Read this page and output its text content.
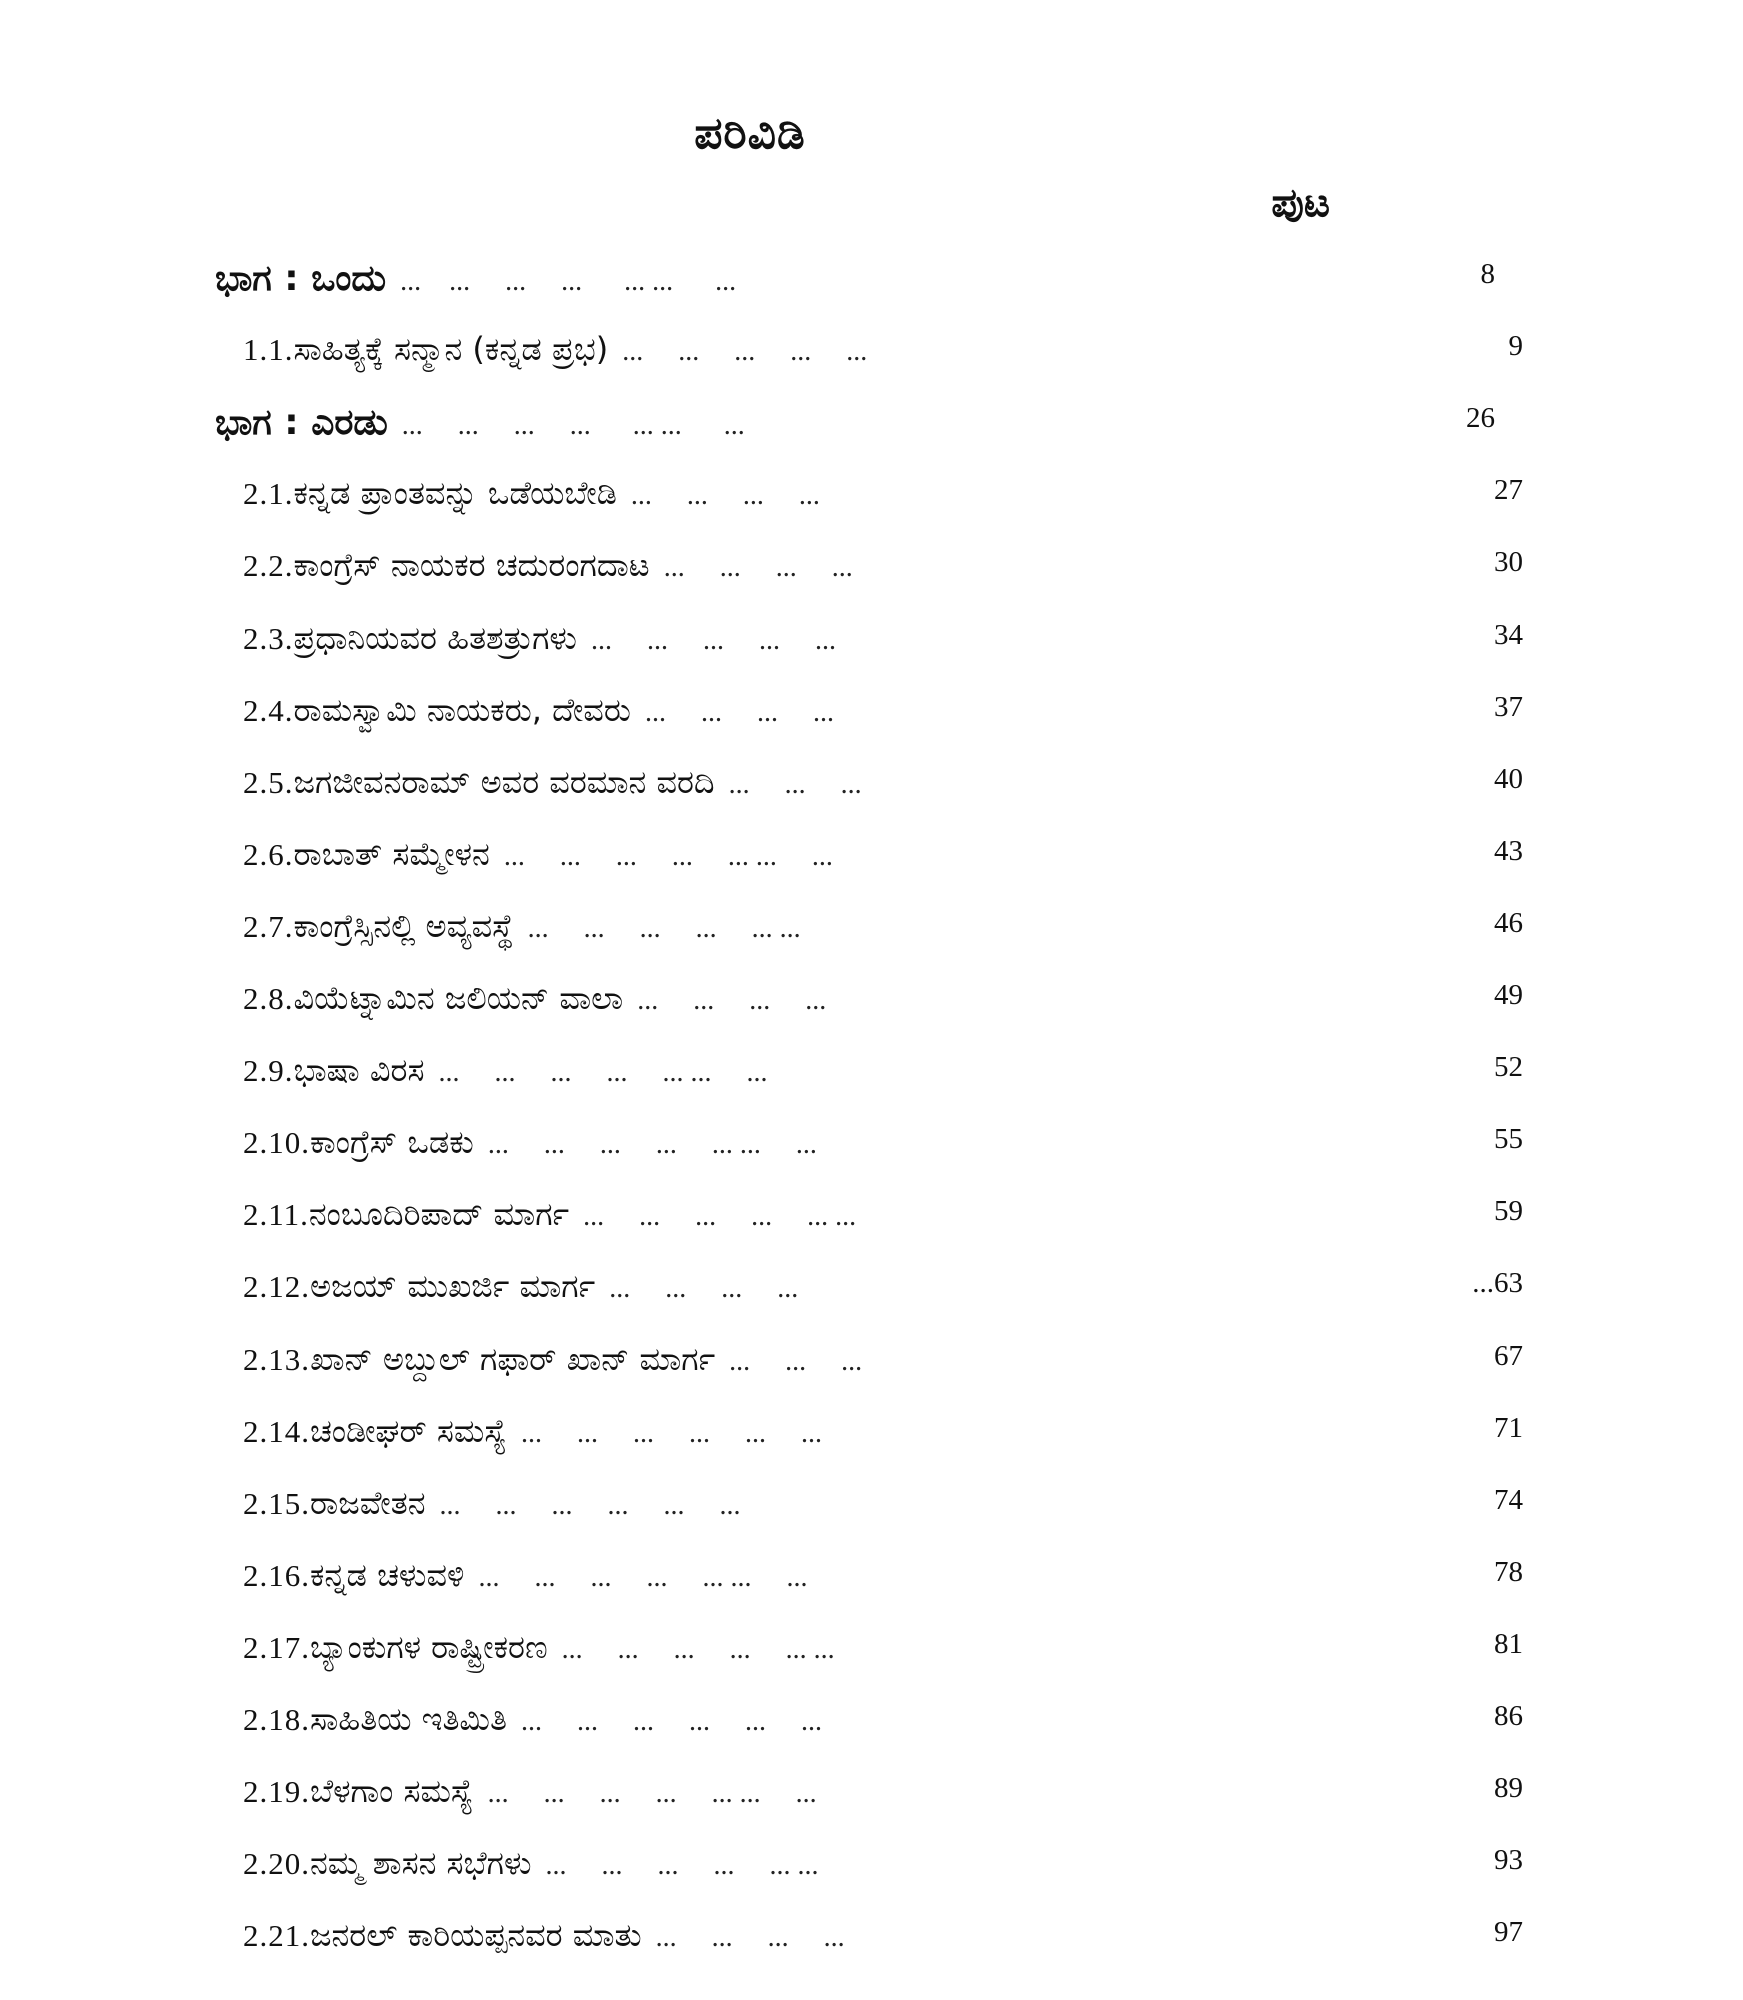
ಪರಿವಿಡಿ
ಪುಟ
ಭಾಗ : ಒಂದು ...    ...     ...     ...      ... ...      ...	8
1.1. ಸಾಹಿತ್ಯಕ್ಕೆ ಸನ್ಮಾನ (ಕನ್ನಡ ಪ್ರಭ) ...     ...     ...     ...     ...	9
ಭಾಗ : ಎರಡು ...     ...     ...     ...      ... ...      ...	26
2.1. ಕನ್ನಡ ಪ್ರಾಂತವನ್ನು ಒಡೆಯಬೇಡಿ ...     ...     ...     ...	27
2.2. ಕಾಂಗ್ರೆಸ್ ನಾಯಕರ ಚದುರಂಗದಾಟ ...     ...     ...     ...	30
2.3. ಪ್ರಧಾನಿಯವರ ಹಿತಶತ್ರುಗಳು ...     ...     ...     ...     ...	34
2.4. ರಾಮಸ್ವಾಮಿ ನಾಯಕರು, ದೇವರು ...     ...     ...     ...	37
2.5. ಜಗಜೀವನರಾಮ್ ಅವರ ವರಮಾನ ವರದಿ ...     ...     ...	40
2.6. ರಾಬಾತ್ ಸಮ್ಮೇಳನ ...     ...     ...     ...     ... ...     ...	43
2.7. ಕಾಂಗ್ರೆಸ್ಸಿನಲ್ಲಿ ಅವ್ಯವಸ್ಥೆ ...     ...     ...     ...     ... ...	46
2.8. ವಿಯೆಟ್ನಾಮಿನ ಜಲಿಯನ್ ವಾಲಾ ...     ...     ...     ...	49
2.9. ಭಾಷಾ ವಿರಸ ...     ...     ...     ...     ... ...     ...	52
2.10. ಕಾಂಗ್ರೆಸ್ ಒಡಕು ...     ...     ...     ...     ... ...     ...	55
2.11. ನಂಬೂದಿರಿಪಾದ್ ಮಾರ್ಗ ...     ...     ...     ...     ... ...	59
2.12. ಅಜಯ್ ಮುಖರ್ಜಿ ಮಾರ್ಗ ...     ...     ...     ...	...63
2.13. ಖಾನ್ ಅಬ್ದುಲ್ ಗಫಾರ್ ಖಾನ್ ಮಾರ್ಗ ...     ...     ...	67
2.14. ಚಂಡೀಘರ್ ಸಮಸ್ಯೆ ...     ...     ...     ...     ...     ...	71
2.15. ರಾಜವೇತನ ...     ...     ...     ...     ...     ...	74
2.16. ಕನ್ನಡ ಚಳುವಳಿ ...     ...     ...     ...     ... ...     ...	78
2.17. ಬ್ಯಾಂಕುಗಳ ರಾಷ್ಟ್ರೀಕರಣ ...     ...     ...     ...     ... ...	81
2.18. ಸಾಹಿತಿಯ ಇತಿಮಿತಿ ...     ...     ...     ...     ...     ...	86
2.19. ಬೆಳಗಾಂ ಸಮಸ್ಯೆ ...     ...     ...     ...     ... ...     ...	89
2.20. ನಮ್ಮ ಶಾಸನ ಸಭೆಗಳು ...     ...     ...     ...     ... ...	93
2.21. ಜನರಲ್ ಕಾರಿಯಪ್ಪನವರ ಮಾತು ...     ...     ...     ...	97
